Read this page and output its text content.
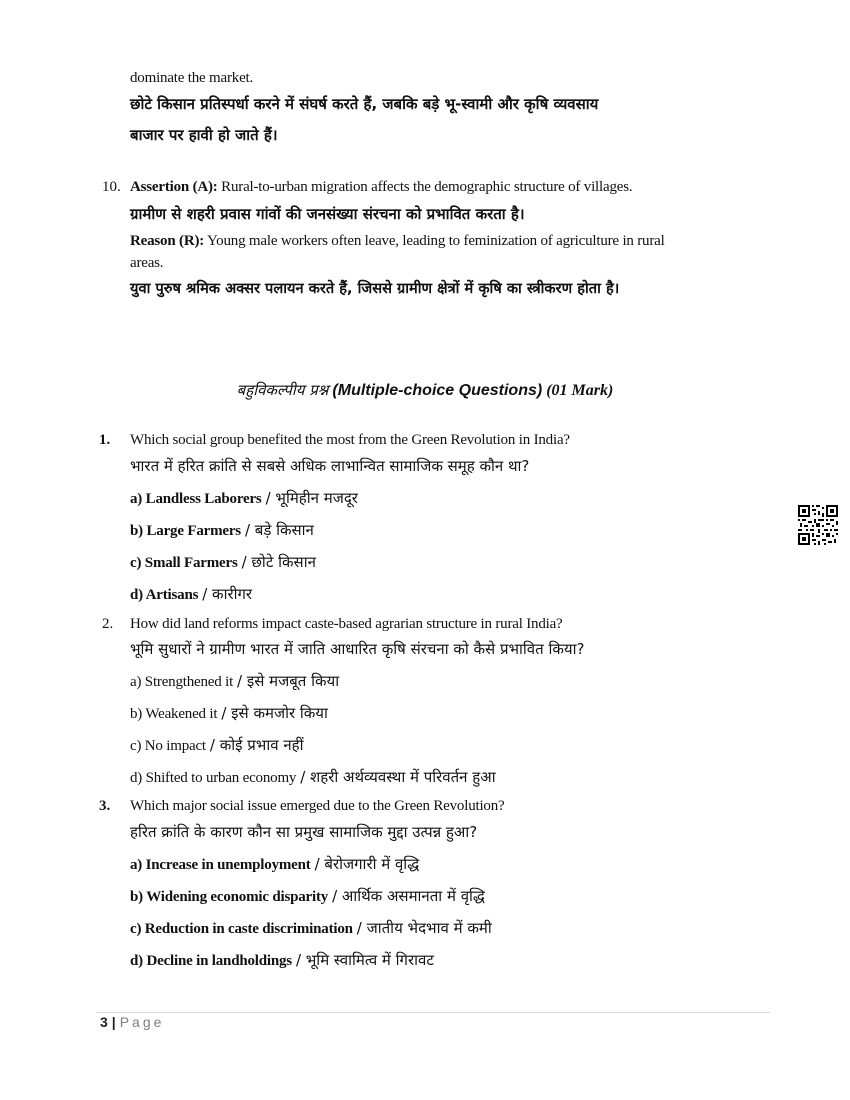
dominate the market.
छोटे किसान प्रतिस्पर्धा करने में संघर्ष करते हैं, जबकि बड़े भू-स्वामी और कृषि व्यवसाय
बाजार पर हावी हो जाते हैं।
10. Assertion (A): Rural-to-urban migration affects the demographic structure of villages.
ग्रामीण से शहरी प्रवास गांवों की जनसंख्या संरचना को प्रभावित करता है।
Reason (R): Young male workers often leave, leading to feminization of agriculture in rural
areas.
युवा पुरुष श्रमिक अक्सर पलायन करते हैं, जिससे ग्रामीण क्षेत्रों में कृषि का स्त्रीकरण होता है।
बहुविकल्पीय प्रश्न (Multiple-choice Questions) (01 Mark)
1. Which social group benefited the most from the Green Revolution in India?
भारत में हरित क्रांति से सबसे अधिक लाभान्वित सामाजिक समूह कौन था?
a) Landless Laborers / भूमिहीन मजदूर
b) Large Farmers / बड़े किसान
c) Small Farmers / छोटे किसान
d) Artisans / कारीगर
2. How did land reforms impact caste-based agrarian structure in rural India?
भूमि सुधारों ने ग्रामीण भारत में जाति आधारित कृषि संरचना को कैसे प्रभावित किया?
a) Strengthened it / इसे मजबूत किया
b) Weakened it / इसे कमजोर किया
c) No impact / कोई प्रभाव नहीं
d) Shifted to urban economy / शहरी अर्थव्यवस्था में परिवर्तन हुआ
3. Which major social issue emerged due to the Green Revolution?
हरित क्रांति के कारण कौन सा प्रमुख सामाजिक मुद्दा उत्पन्न हुआ?
a) Increase in unemployment / बेरोजगारी में वृद्धि
b) Widening economic disparity / आर्थिक असमानता में वृद्धि
c) Reduction in caste discrimination / जातीय भेदभाव में कमी
d) Decline in landholdings / भूमि स्वामित्व में गिरावट
3 | Page
